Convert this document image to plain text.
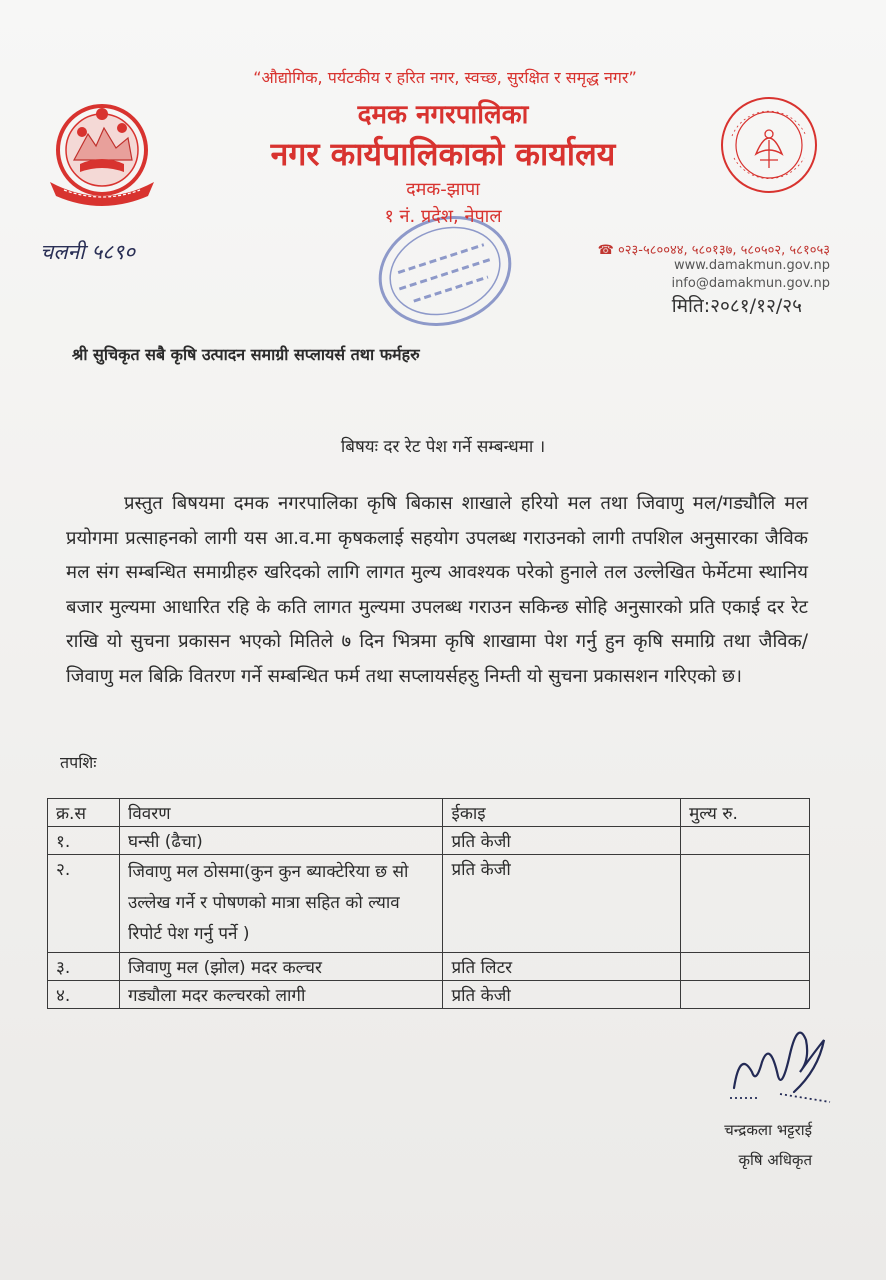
“औद्योगिक, पर्यटकीय र हरित नगर, स्वच्छ, सुरक्षित र समृद्ध नगर”
दमक नगरपालिका
नगर कार्यपालिकाको कार्यालय
दमक-झापा
१ नं. प्रदेश, नेपाल
☎ ०२३-५८००४४, ५८०१३७, ५८०५०२, ५८१०५३
www.damakmun.gov.np
info@damakmun.gov.np
चलनी ५८९०
मिति:२०८१/१२/२५
श्री सुचिकृत सबै कृषि उत्पादन समाग्री सप्लायर्स तथा फर्महरु
बिषयः दर रेट पेश गर्ने सम्बन्धमा ।
प्रस्तुत बिषयमा दमक नगरपालिका कृषि बिकास शाखाले हरियो मल तथा जिवाणु मल/गड्यौलि मल प्रयोगमा प्रत्साहनको लागी यस आ.व.मा कृषकलाई सहयोग उपलब्ध गराउनको लागी तपशिल अनुसारका जैविक मल संग सम्बन्धित समाग्रीहरु खरिदको लागि लागत मुल्य आवश्यक परेको हुनाले तल उल्लेखित फेर्मेटमा स्थानिय बजार मुल्यमा आधारित रहि के कति लागत मुल्यमा उपलब्ध गराउन सकिन्छ सोहि अनुसारको प्रति एकाई दर रेट राखि यो सुचना प्रकासन भएको मितिले ७ दिन भित्रमा कृषि शाखामा पेश गर्नु हुन कृषि समाग्रि तथा जैविक/जिवाणु मल बिक्रि वितरण गर्ने सम्बन्धित फर्म तथा सप्लायर्सहरुु निम्ती यो सुचना प्रकासशन गरिएको छ।
तपशिः
क्र.स	विवरण	ईकाइ	मुल्य रु.
१.	घन्सी (ढैचा)	प्रति केजी	
२.	जिवाणु मल ठोसमा(कुन कुन ब्याक्टेरिया छ सो उल्लेख गर्ने र पोषणको मात्रा सहित को ल्याव रिपोर्ट पेश गर्नु पर्ने )	प्रति केजी	
३.	जिवाणु मल (झोल) मदर कल्चर	प्रति लिटर	
४.	गड्यौला मदर कल्चरको लागी	प्रति केजी	
चन्द्रकला भट्टराई
कृषि अधिकृत
